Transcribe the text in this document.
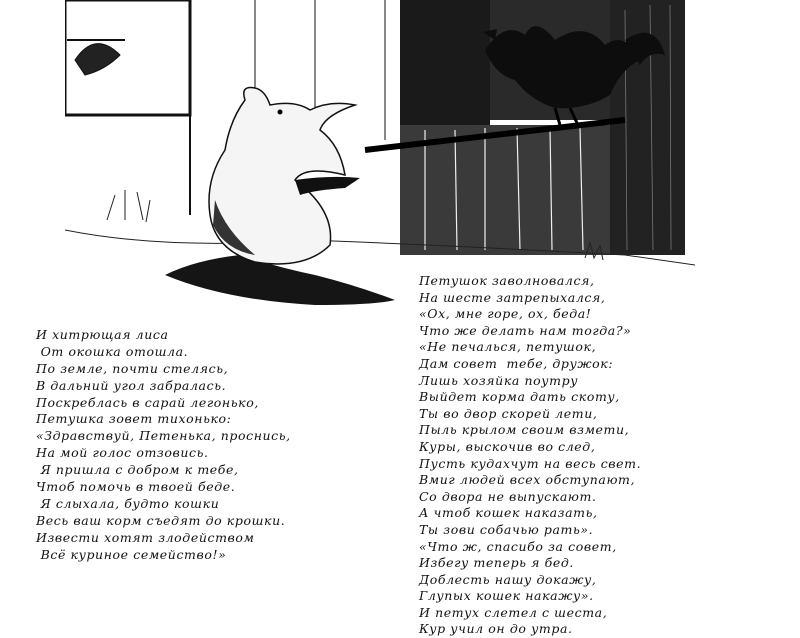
И хитрющая лиса
От окошка отошла.
По земле, почти стелясь,
В дальний угол забралась.
Поскреблась в сарай легонько,
Петушка зовет тихонько:
«Здравствуй, Петенька, проснись,
На мой голос отзовись.
Я пришла с добром к тебе,
Чтоб помочь в твоей беде.
Я слыхала, будто кошки
Весь ваш корм съедят до крошки.
Извести хотят злодейством
Всё куриное семейство!»
Петушок заволновался,
На шесте затрепыхался,
«Ох, мне горе, ох, беда!
Что же делать нам тогда?»
«Не печалься, петушок,
Дам совет  тебе, дружок:
Лишь хозяйка поутру
Выйдет корма дать скоту,
Ты во двор скорей лети,
Пыль крылом своим взмети,
Куры, выскочив во след,
Пусть кудахчут на весь свет.
Вмиг людей всех обступают,
Со двора не выпускают.
А чтоб кошек наказать,
Ты зови собачью рать».
«Что ж, спасибо за совет,
Избегу теперь я бед.
Доблесть нашу докажу,
Глупых кошек накажу».
И петух слетел с шеста,
Кур учил он до утра.
